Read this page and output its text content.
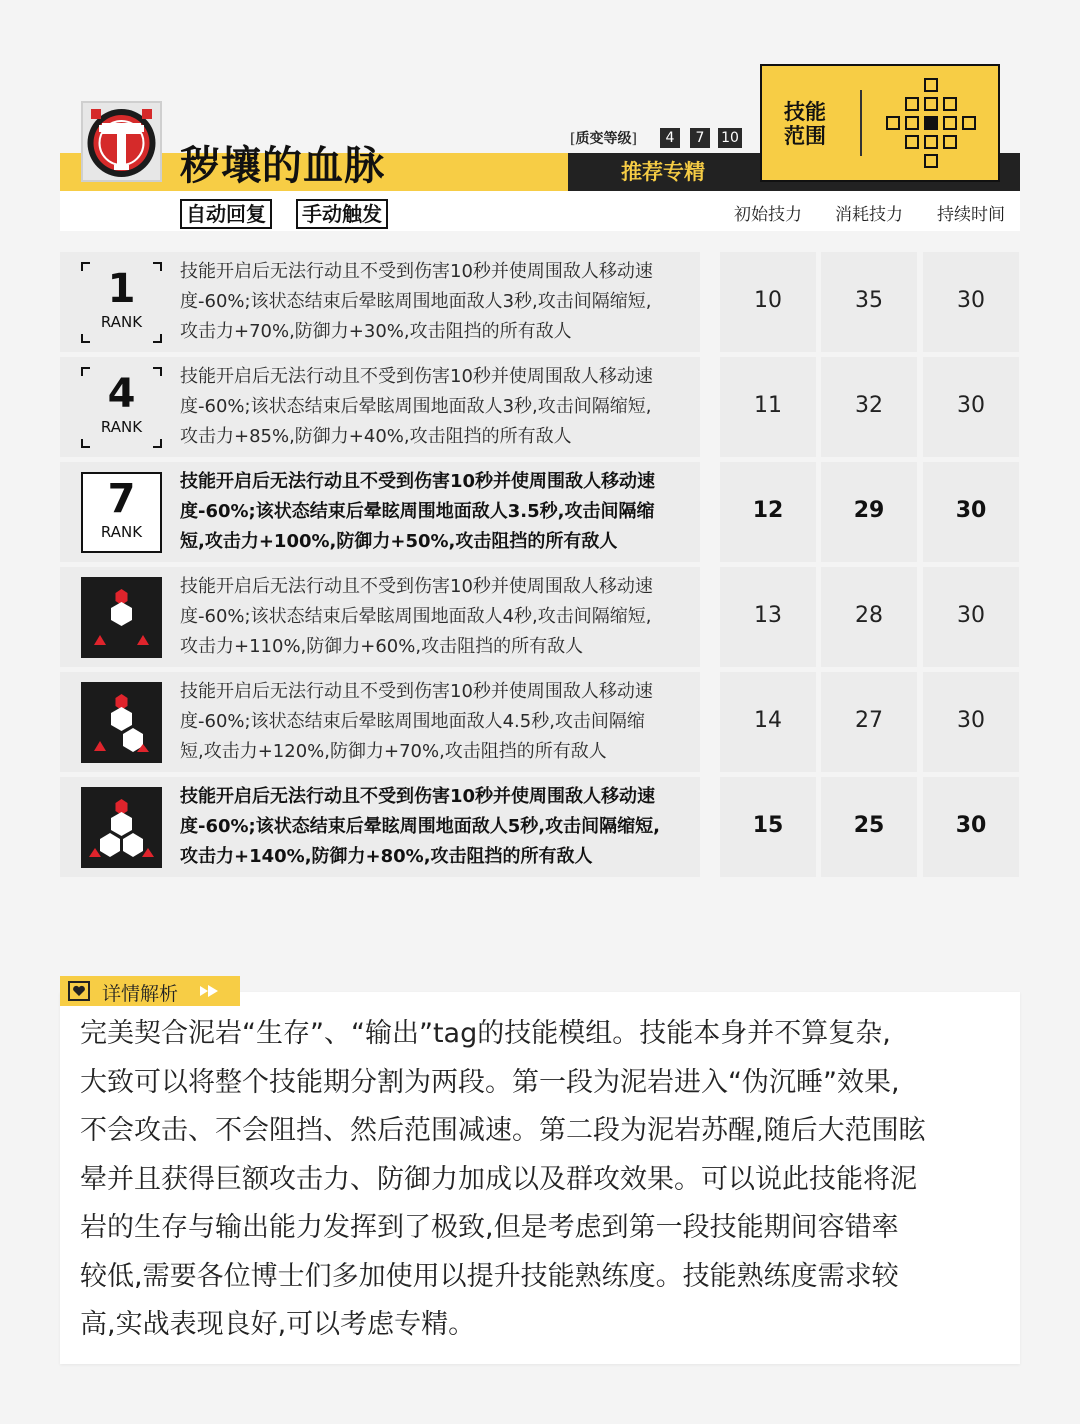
秽壤的血脉
自动回复	手动触发
[质变等级]	4	7	10
推荐专精
初始技力	消耗技力	持续时间
技能
范围
1
RANK
技能开启后无法行动且不受到伤害10秒并使周围敌人移动速
度-60%;该状态结束后晕眩周围地面敌人3秒,攻击间隔缩短,
攻击力+70%,防御力+30%,攻击阻挡的所有敌人
10	35	30
4
RANK
技能开启后无法行动且不受到伤害10秒并使周围敌人移动速
度-60%;该状态结束后晕眩周围地面敌人3秒,攻击间隔缩短,
攻击力+85%,防御力+40%,攻击阻挡的所有敌人
11	32	30
7
RANK
技能开启后无法行动且不受到伤害10秒并使周围敌人移动速
度-60%;该状态结束后晕眩周围地面敌人3.5秒,攻击间隔缩
短,攻击力+100%,防御力+50%,攻击阻挡的所有敌人
12	29	30
技能开启后无法行动且不受到伤害10秒并使周围敌人移动速
度-60%;该状态结束后晕眩周围地面敌人4秒,攻击间隔缩短,
攻击力+110%,防御力+60%,攻击阻挡的所有敌人
13	28	30
技能开启后无法行动且不受到伤害10秒并使周围敌人移动速
度-60%;该状态结束后晕眩周围地面敌人4.5秒,攻击间隔缩
短,攻击力+120%,防御力+70%,攻击阻挡的所有敌人
14	27	30
技能开启后无法行动且不受到伤害10秒并使周围敌人移动速
度-60%;该状态结束后晕眩周围地面敌人5秒,攻击间隔缩短,
攻击力+140%,防御力+80%,攻击阻挡的所有敌人
15	25	30
详情解析
完美契合泥岩“生存”、“输出”tag的技能模组。技能本身并不算复杂,
大致可以将整个技能期分割为两段。第一段为泥岩进入“伪沉睡”效果,
不会攻击、不会阻挡、然后范围减速。第二段为泥岩苏醒,随后大范围眩
晕并且获得巨额攻击力、防御力加成以及群攻效果。可以说此技能将泥
岩的生存与输出能力发挥到了极致,但是考虑到第一段技能期间容错率
较低,需要各位博士们多加使用以提升技能熟练度。技能熟练度需求较
高,实战表现良好,可以考虑专精。
